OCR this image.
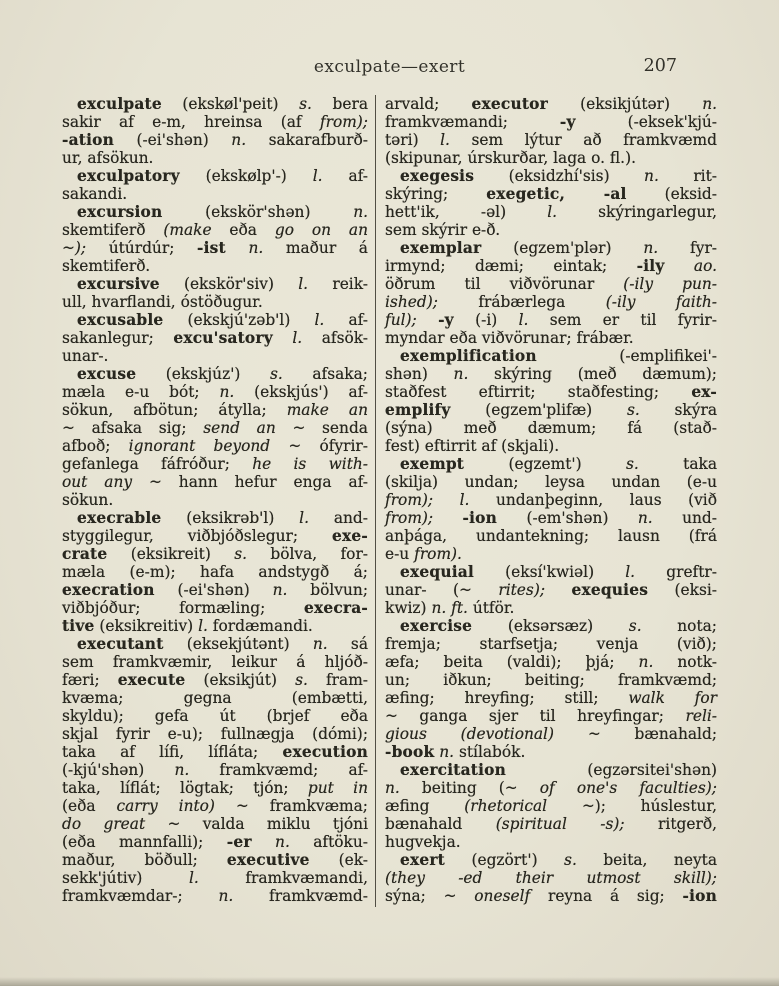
exculpate—exert	207
exculpate (ekskøl'peit) s. bera
sakir af e-m, hreinsa (af from);
-ation (-ei'shən) n. sakarafburð-
ur, afsökun.
exculpatory (ekskølp'-) l. af-
sakandi.
excursion (ekskör'shən) n.
skemtiferð (make eða go on an
~); útúrdúr; -ist n. maður á
skemtiferð.
excursive (ekskör'siv) l. reik-
ull, hvarflandi, óstöðugur.
excusable (ekskjú'zəb'l) l. af-
sakanlegur; excu'satory l. afsök-
unar-.
excuse (ekskjúz') s. afsaka;
mæla e-u bót; n. (ekskjús') af-
sökun, afbötun; átylla; make an
~ afsaka sig; send an ~ senda
afboð; ignorant beyond ~ ófyrir-
gefanlega fáfróður; he is with-
out any ~ hann hefur enga af-
sökun.
execrable (eksikrəb'l) l. and-
styggilegur, viðbjóðslegur; exe-
crate (eksikreit) s. bölva, for-
mæla (e-m); hafa andstygð á;
execration (-ei'shən) n. bölvun;
viðbjóður; formæling; execra-
tive (eksikreitiv) l. fordæmandi.
executant (eksekjútənt) n. sá
sem framkvæmir, leikur á hljóð-
færi; execute (eksikjút) s. fram-
kvæma; gegna (embætti,
skyldu); gefa út (brjef eða
skjal fyrir e-u); fullnægja (dómi);
taka af lífi, lífláta; execution
(-kjú'shən) n. framkvæmd; af-
taka, líflát; lögtak; tjón; put in
(eða carry into) ~ framkvæma;
do great ~ valda miklu tjóni
(eða mannfalli); -er n. aftöku-
maður, böðull; executive (ek-
sekk'jútiv) l. framkvæmandi,
framkvæmdar-; n. framkvæmd-
arvald; executor (eksikjútər) n.
framkvæmandi; -y (-eksek'kjú-
təri) l. sem lýtur að framkvæmd
(skipunar, úrskurðar, laga o. fl.).
exegesis (eksidzhí'sis) n. rit-
skýring; exegetic, -al (eksid-
hett'ik, -əl) l. skýringarlegur,
sem skýrir e-ð.
exemplar (egzem'plər) n. fyr-
irmynd; dæmi; eintak; -ily ao.
öðrum til viðvörunar (-ily pun-
ished); frábærlega (-ily faith-
ful); -y (-i) l. sem er til fyrir-
myndar eða viðvörunar; frábær.
exemplification (-emplifikei'-
shən) n. skýring (með dæmum);
staðfest eftirrit; staðfesting; ex-
emplify (egzem'plifæ) s. skýra
(sýna) með dæmum; fá (stað-
fest) eftirrit af (skjali).
exempt (egzemt') s. taka
(skilja) undan; leysa undan (e-u
from); l. undanþeginn, laus (við
from); -ion (-em'shən) n. und-
anþága, undantekning; lausn (frá
e-u from).
exequial (eksí'kwiəl) l. greftr-
unar- (~ rites); exequies (eksi-
kwiz) n. ft. útför.
exercise (eksərsæz) s. nota;
fremja; starfsetja; venja (við);
æfa; beita (valdi); þjá; n. notk-
un; iðkun; beiting; framkvæmd;
æfing; hreyfing; still; walk for
~ ganga sjer til hreyfingar; reli-
gious (devotional) ~ bænahald;
-book n. stílabók.
exercitation (egzərsitei'shən)
n. beiting (~ of one's faculties);
æfing (rhetorical ~); húslestur,
bænahald (spiritual -s); ritgerð,
hugvekja.
exert (egzört') s. beita, neyta
(they -ed their utmost skill);
sýna; ~ oneself reyna á sig; -ion
